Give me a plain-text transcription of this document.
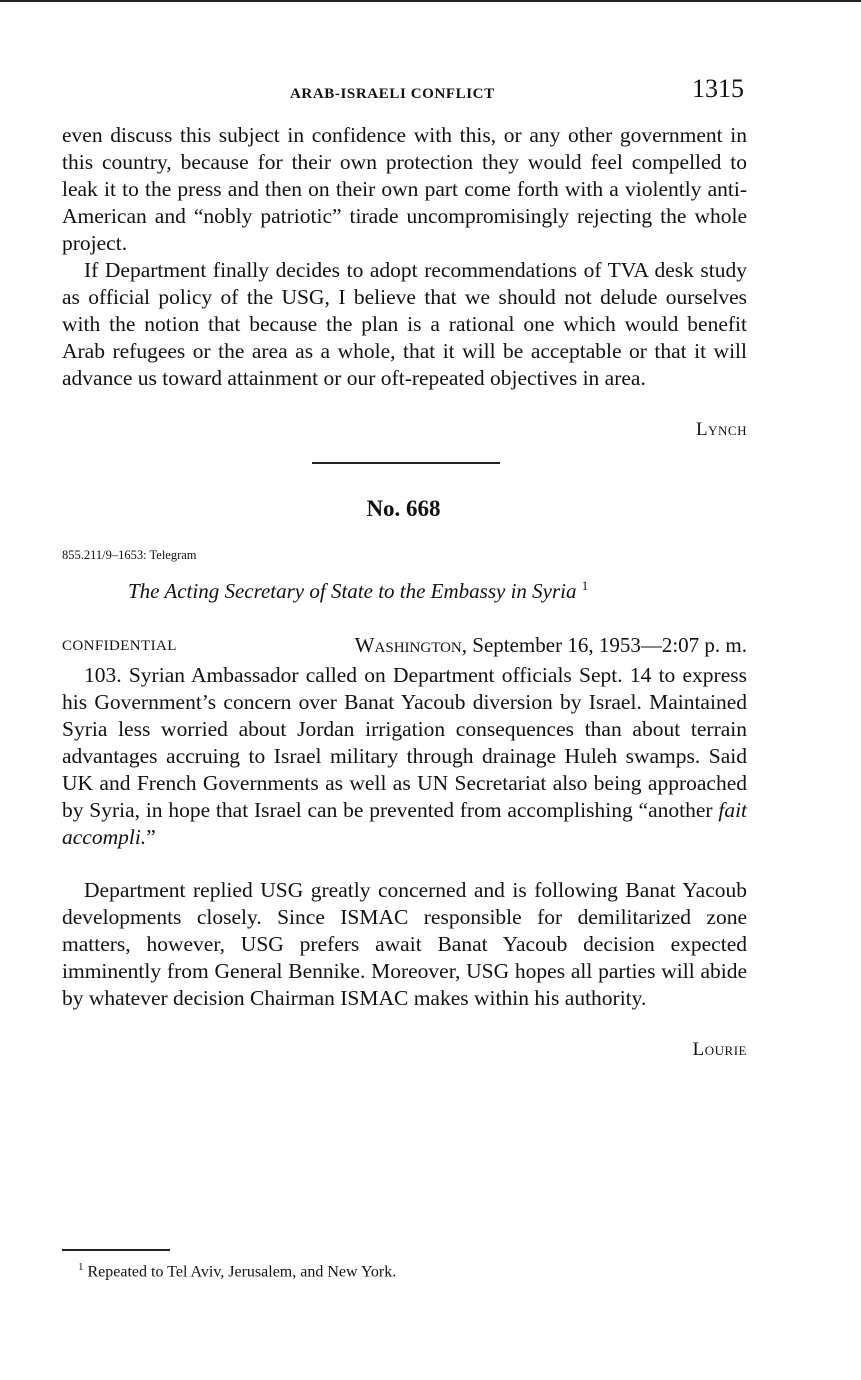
ARAB-ISRAELI CONFLICT	1315

even discuss this subject in confidence with this, or any other government in this country, because for their own protection they would feel compelled to leak it to the press and then on their own part come forth with a violently anti-American and “nobly patriotic” tirade uncompromisingly rejecting the whole project.

If Department finally decides to adopt recommendations of TVA desk study as official policy of the USG, I believe that we should not delude ourselves with the notion that because the plan is a rational one which would benefit Arab refugees or the area as a whole, that it will be acceptable or that it will advance us toward attainment or our oft-repeated objectives in area.

Lynch
No. 668
855.211/9–1653: Telegram
The Acting Secretary of State to the Embassy in Syria $^1$
CONFIDENTIAL	Washington, September 16, 1953—2:07 p. m.

103. Syrian Ambassador called on Department officials Sept. 14 to express his Government’s concern over Banat Yacoub diversion by Israel. Maintained Syria less worried about Jordan irrigation consequences than about terrain advantages accruing to Israel military through drainage Huleh swamps. Said UK and French Governments as well as UN Secretariat also being approached by Syria, in hope that Israel can be prevented from accomplishing “another fait accompli.”

Department replied USG greatly concerned and is following Banat Yacoub developments closely. Since ISMAC responsible for demilitarized zone matters, however, USG prefers await Banat Yacoub decision expected imminently from General Bennike. Moreover, USG hopes all parties will abide by whatever decision Chairman ISMAC makes within his authority.

Lourie
$^1$ Repeated to Tel Aviv, Jerusalem, and New York.
